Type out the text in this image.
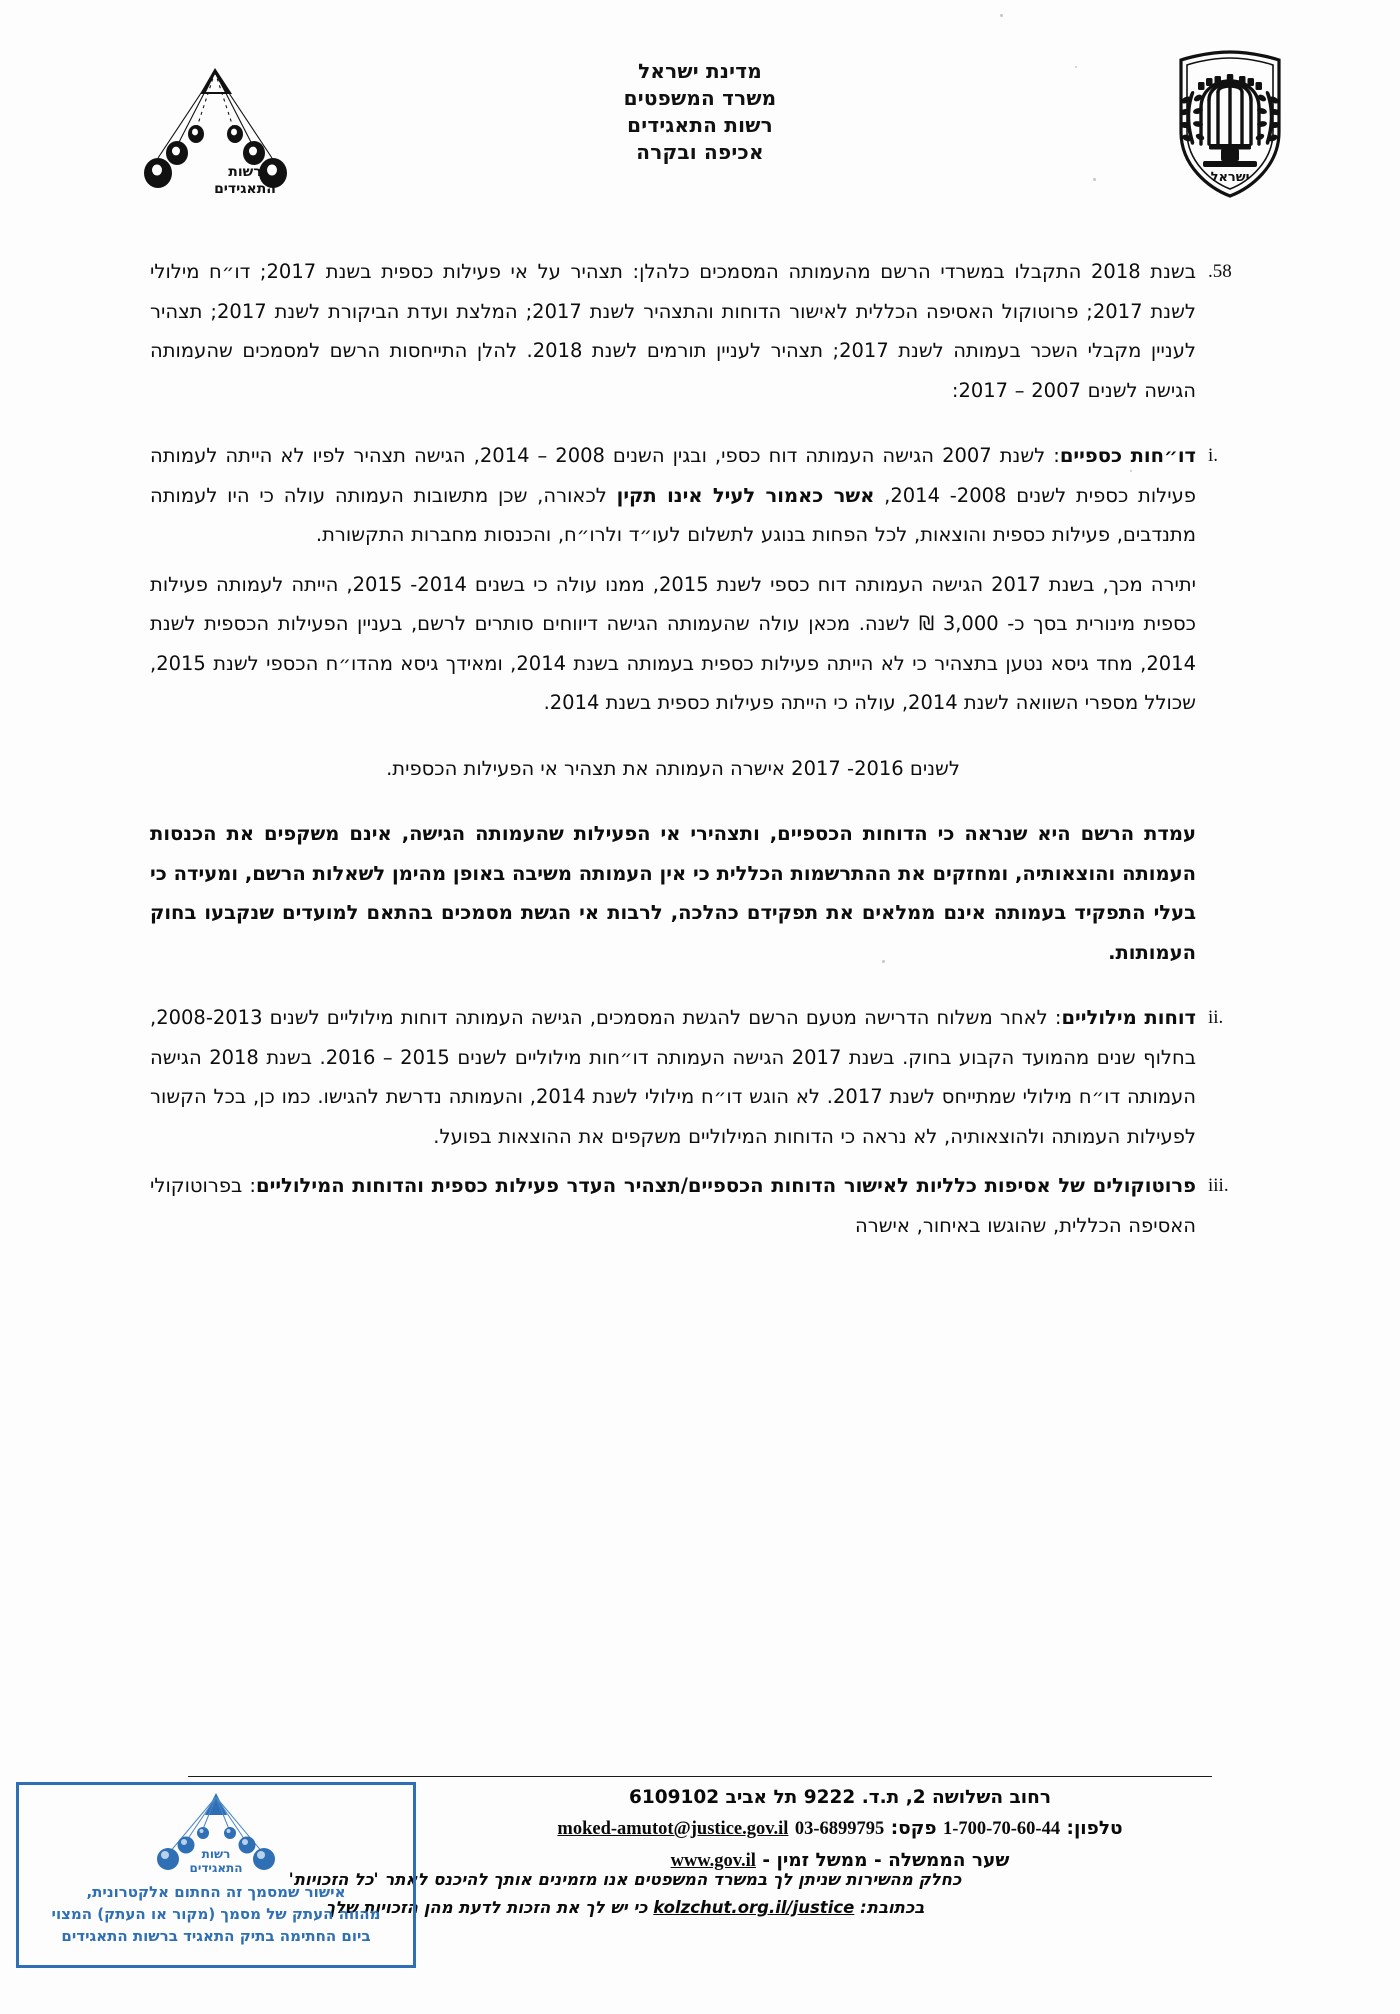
רשות
התאגידים
מדינת ישראל
משרד המשפטים
רשות התאגידים
אכיפה ובקרה
ישראל
.58
בשנת 2018 התקבלו במשרדי הרשם מהעמותה המסמכים כלהלן: תצהיר על אי פעילות כספית בשנת 2017; דו״ח מילולי לשנת 2017; פרוטוקול האסיפה הכללית לאישור הדוחות והתצהיר לשנת 2017; המלצת ועדת הביקורת לשנת 2017; תצהיר לעניין מקבלי השכר בעמותה לשנת 2017; תצהיר לעניין תורמים לשנת 2018. להלן התייחסות הרשם למסמכים שהעמותה הגישה לשנים 2007 – 2017:
i.
דו״חות כספיים: לשנת 2007 הגישה העמותה דוח כספי, ובגין השנים 2008 – 2014, הגישה תצהיר לפיו לא הייתה לעמותה פעילות כספית לשנים 2008- 2014, אשר כאמור לעיל אינו תקין לכאורה, שכן מתשובות העמותה עולה כי היו לעמותה מתנדבים, פעילות כספית והוצאות, לכל הפחות בנוגע לתשלום לעו״ד ולרו״ח, והכנסות מחברות התקשורת.
יתירה מכך, בשנת 2017 הגישה העמותה דוח כספי לשנת 2015, ממנו עולה כי בשנים 2014- 2015, הייתה לעמותה פעילות כספית מינורית בסך כ- 3,000 ₪ לשנה. מכאן עולה שהעמותה הגישה דיווחים סותרים לרשם, בעניין הפעילות הכספית לשנת 2014, מחד גיסא נטען בתצהיר כי לא הייתה פעילות כספית בעמותה בשנת 2014, ומאידך גיסא מהדו״ח הכספי לשנת 2015, שכולל מספרי השוואה לשנת 2014, עולה כי הייתה פעילות כספית בשנת 2014.
לשנים 2016- 2017 אישרה העמותה את תצהיר אי הפעילות הכספית.
עמדת הרשם היא שנראה כי הדוחות הכספיים, ותצהירי אי הפעילות שהעמותה הגישה, אינם משקפים את הכנסות העמותה והוצאותיה, ומחזקים את ההתרשמות הכללית כי אין העמותה משיבה באופן מהימן לשאלות הרשם, ומעידה כי בעלי התפקיד בעמותה אינם ממלאים את תפקידם כהלכה, לרבות אי הגשת מסמכים בהתאם למועדים שנקבעו בחוק העמותות.
ii.
דוחות מילוליים: לאחר משלוח הדרישה מטעם הרשם להגשת המסמכים, הגישה העמותה דוחות מילוליים לשנים 2008-2013, בחלוף שנים מהמועד הקבוע בחוק. בשנת 2017 הגישה העמותה דו״חות מילוליים לשנים 2015 – 2016. בשנת 2018 הגישה העמותה דו״ח מילולי שמתייחס לשנת 2017. לא הוגש דו״ח מילולי לשנת 2014, והעמותה נדרשת להגישו. כמו כן, בכל הקשור לפעילות העמותה ולהוצאותיה, לא נראה כי הדוחות המילוליים משקפים את ההוצאות בפועל.
iii.
פרוטוקולים של אסיפות כלליות לאישור הדוחות הכספיים/תצהיר העדר פעילות כספית והדוחות המילוליים: בפרוטוקולי האסיפה הכללית, שהוגשו באיחור, אישרה
רחוב השלושה 2, ת.ד. 9222 תל אביב 6109102
טלפון: 1-700-70-60-44 פקס: 03-6899795 moked-amutot@justice.gov.il
שער הממשלה - ממשל זמין - www.gov.il
כחלק מהשירות שניתן לך במשרד המשפטים אנו מזמינים אותך להיכנס לאתר 'כל הזכויות'
בכתובת: kolzchut.org.il/justice כי יש לך את הזכות לדעת מהן הזכויות שלך
רשות
התאגידים
אישור שמסמך זה החתום אלקטרונית,
מהווה העתק של מסמך (מקור או העתק) המצוי
ביום החתימה בתיק התאגיד ברשות התאגידים
